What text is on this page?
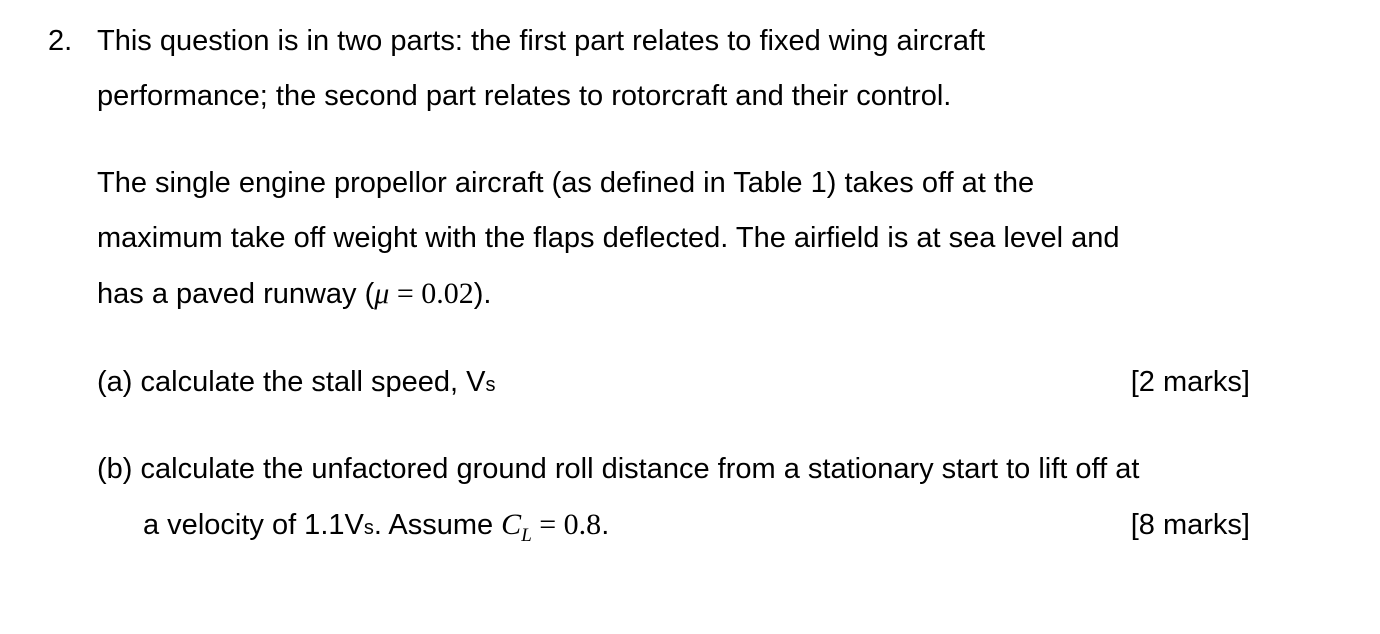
2. This question is in two parts: the first part relates to fixed wing aircraft
performance; the second part relates to rotorcraft and their control.
The single engine propellor aircraft (as defined in Table 1) takes off at the
maximum take off weight with the flaps deflected. The airfield is at sea level and
has a paved runway (μ = 0.02).
(a) calculate the stall speed, Vs	[2 marks]
(b) calculate the unfactored ground roll distance from a stationary start to lift off at
a velocity of 1.1Vs. Assume $C_L = 0.8$.	[8 marks]
